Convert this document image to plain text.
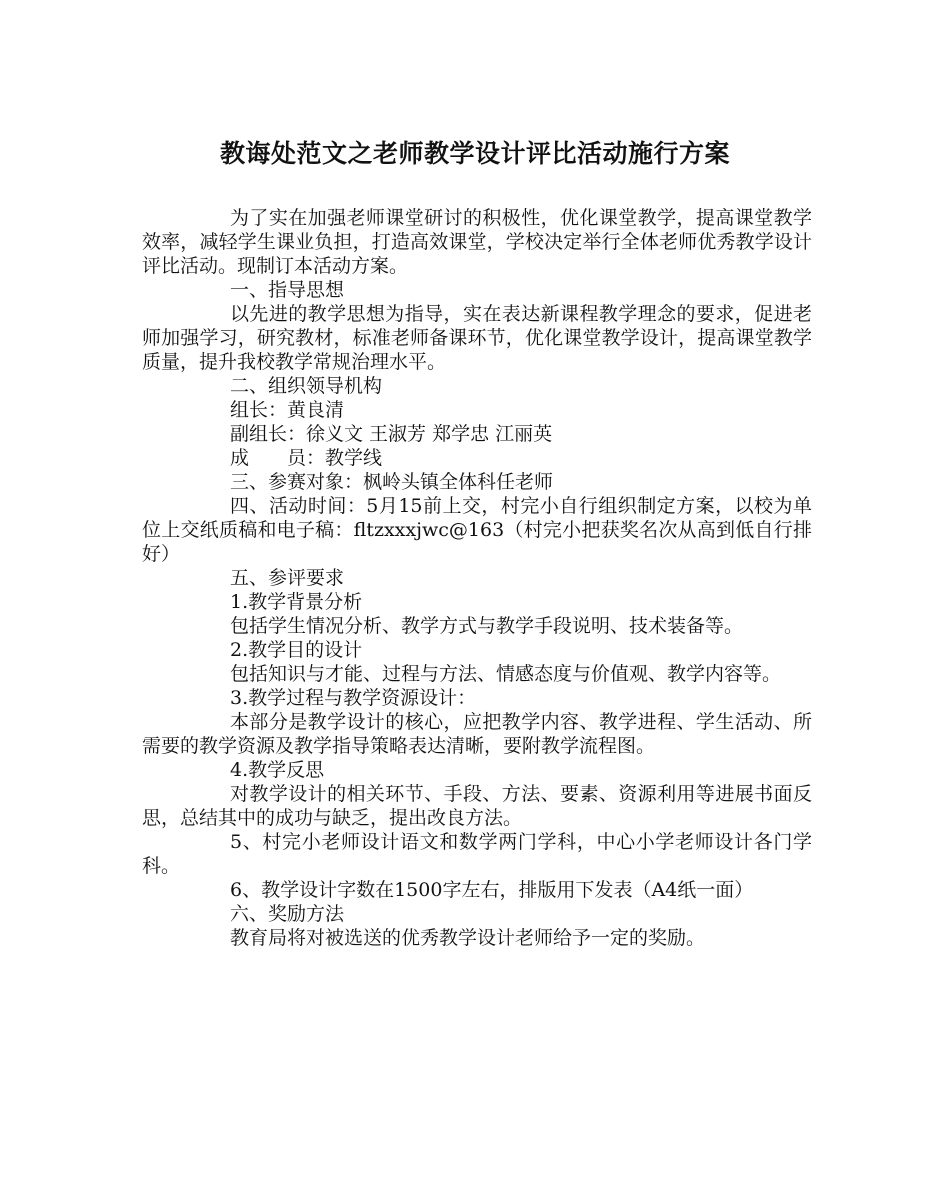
教诲处范文之老师教学设计评比活动施行方案

为了实在加强老师课堂研讨的积极性，优化课堂教学，提高课堂教学效率，减轻学生课业负担，打造高效课堂，学校决定举行全体老师优秀教学设计评比活动。现制订本活动方案。

一、指导思想

以先进的教学思想为指导，实在表达新课程教学理念的要求，促进老师加强学习，研究教材，标准老师备课环节，优化课堂教学设计，提高课堂教学质量，提升我校教学常规治理水平。

二、组织领导机构

组长：黄良清

副组长：徐义文 王淑芳 郑学忠 江丽英

成　　员：教学线

三、参赛对象：枫岭头镇全体科任老师

四、活动时间：5月15前上交，村完小自行组织制定方案，以校为单位上交纸质稿和电子稿：fltzxxxjwc@163（村完小把获奖名次从高到低自行排好）

五、参评要求

1.教学背景分析

包括学生情况分析、教学方式与教学手段说明、技术装备等。

2.教学目的设计

包括知识与才能、过程与方法、情感态度与价值观、教学内容等。

3.教学过程与教学资源设计：

本部分是教学设计的核心，应把教学内容、教学进程、学生活动、所需要的教学资源及教学指导策略表达清晰，要附教学流程图。

4.教学反思

对教学设计的相关环节、手段、方法、要素、资源利用等进展书面反思，总结其中的成功与缺乏，提出改良方法。

5、村完小老师设计语文和数学两门学科，中心小学老师设计各门学科。

6、教学设计字数在1500字左右，排版用下发表（A4纸一面）

六、奖励方法

教育局将对被选送的优秀教学设计老师给予一定的奖励。
